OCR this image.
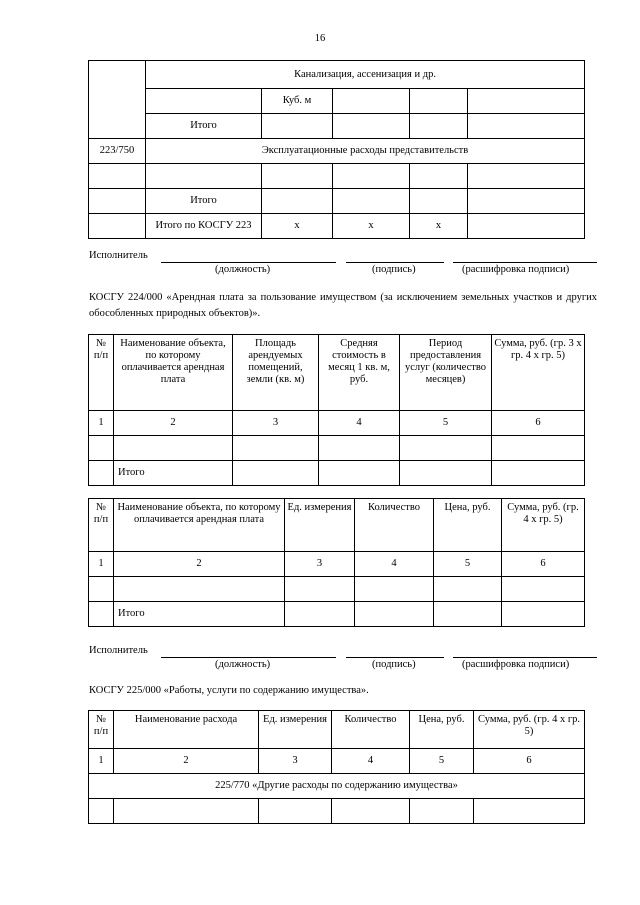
16
	Канализация, ассенизация и др.				
		Куб. м			
	Итого				
223/750	Эксплуатационные расходы представительств				

	Итого				
	Итого по КОСГУ 223	х	х	х	
Исполнитель
(должность)	(подпись)	(расшифровка подписи)
КОСГУ 224/000 «Арендная плата за пользование имуществом (за исключением земельных участков и других обособленных природных объектов)».
№ п/п	Наименование объекта, по которому оплачивается арендная плата	Площадь арендуемых помещений, земли (кв. м)	Средняя стоимость в месяц 1 кв. м, руб.	Период предоставления услуг (количество месяцев)	Сумма, руб. (гр. 3 х гр. 4 х гр. 5)
1	2	3	4	5	6

	Итого				
№ п/п	Наименование объекта, по которому оплачивается арендная плата	Ед. измерения	Количество	Цена, руб.	Сумма, руб. (гр. 4 х гр. 5)
1	2	3	4	5	6

	Итого				
Исполнитель
(должность)	(подпись)	(расшифровка подписи)
КОСГУ 225/000 «Работы, услуги по содержанию имущества».
№ п/п	Наименование расхода	Ед. измерения	Количество	Цена, руб.	Сумма, руб. (гр. 4 х гр. 5)
1	2	3	4	5	6
225/770 «Другие расходы по содержанию имущества»					
